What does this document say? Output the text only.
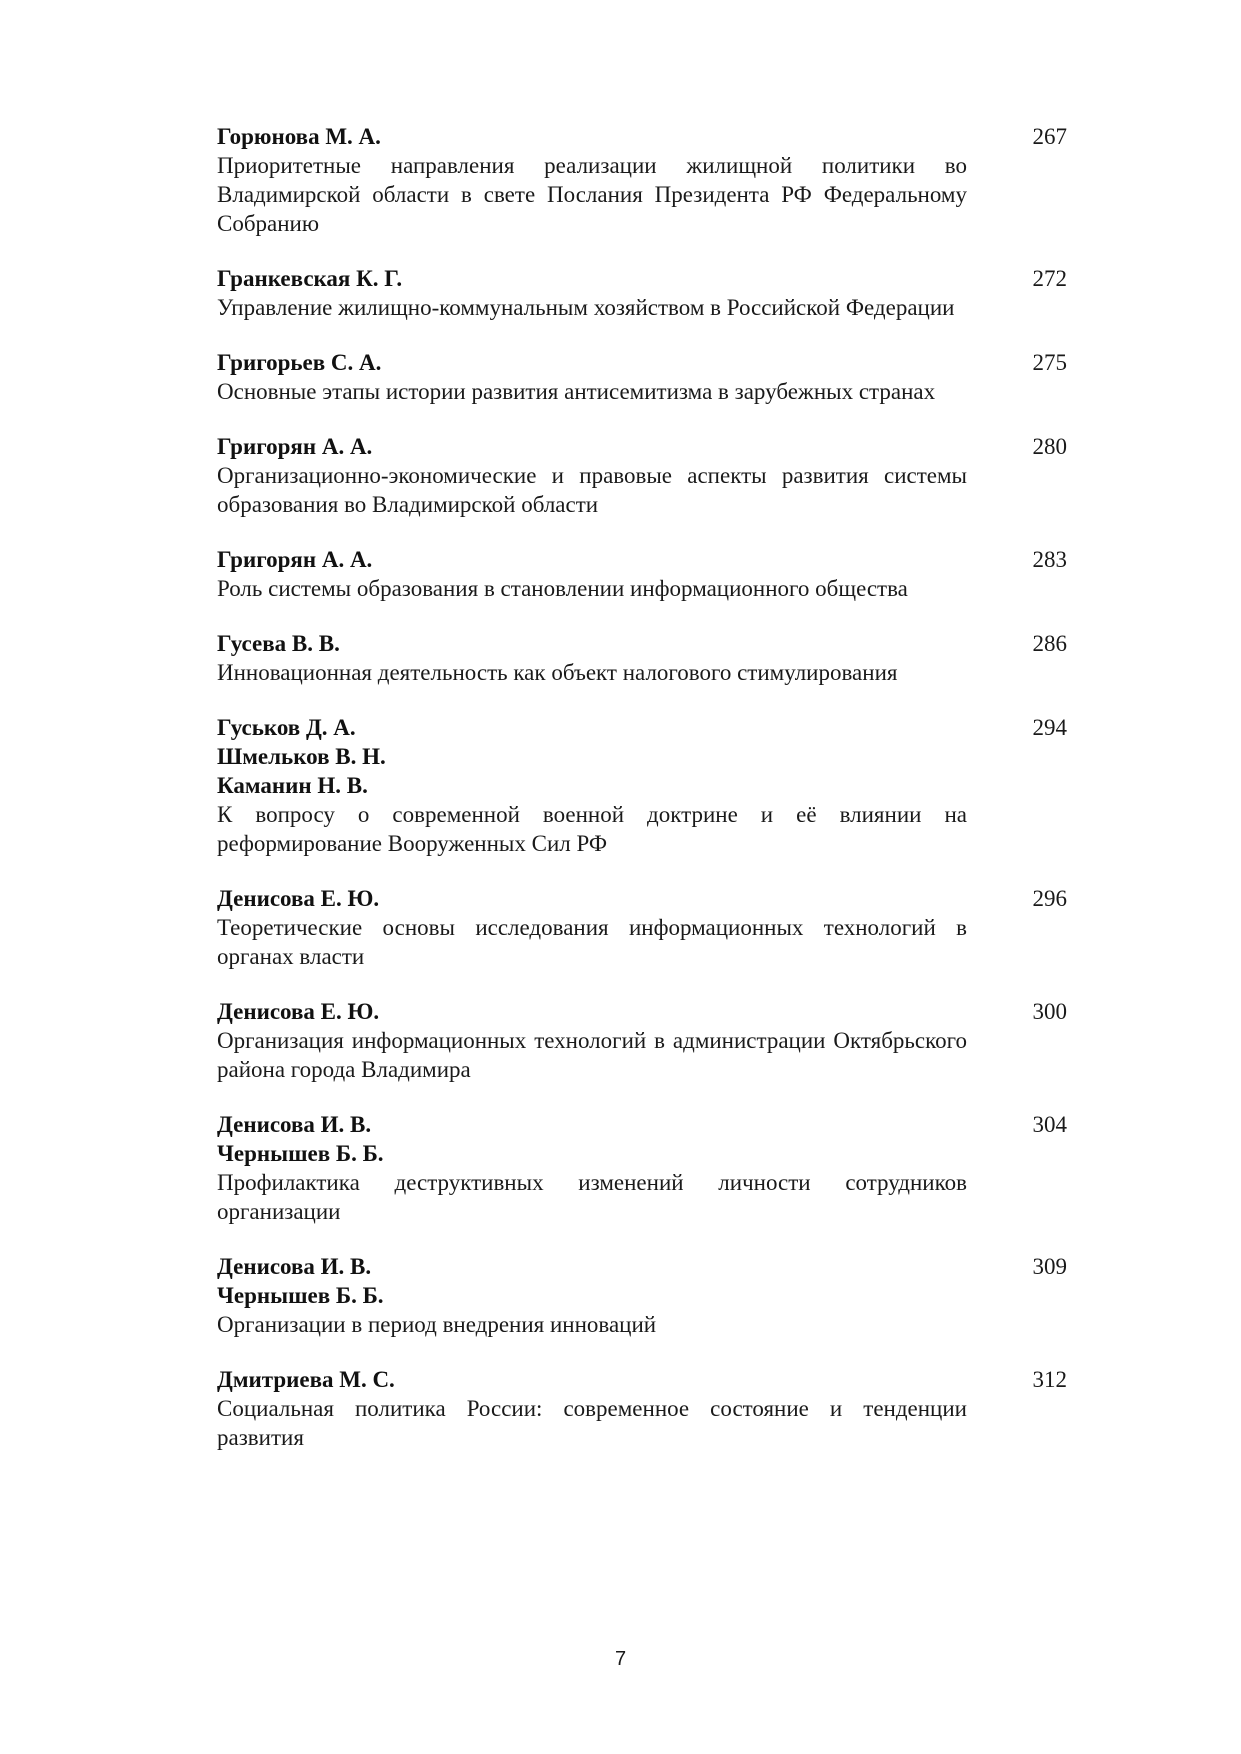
Горюнова М. А.
Приоритетные направления реализации жилищной политики во Владимирской области в свете Послания Президента РФ Федеральному Собранию
267
Гранкевская К. Г.
Управление жилищно-коммунальным хозяйством в Российской Федерации
272
Григорьев С. А.
Основные этапы истории развития антисемитизма в зарубежных странах
275
Григорян А. А.
Организационно-экономические и правовые аспекты развития системы образования во Владимирской области
280
Григорян А. А.
Роль системы образования в становлении информационного общества
283
Гусева В. В.
Инновационная деятельность как объект налогового стимулирования
286
Гуськов Д. А.
Шмельков В. Н.
Каманин Н. В.
К вопросу о современной военной доктрине и её влиянии на реформирование Вооруженных Сил РФ
294
Денисова Е. Ю.
Теоретические основы исследования информационных технологий в органах власти
296
Денисова Е. Ю.
Организация информационных технологий в администрации Октябрьского района города Владимира
300
Денисова И. В.
Чернышев Б. Б.
Профилактика деструктивных изменений личности сотрудников организации
304
Денисова И. В.
Чернышев Б. Б.
Организации в период внедрения инноваций
309
Дмитриева М. С.
Социальная политика России: современное состояние и тенденции развития
312
7
